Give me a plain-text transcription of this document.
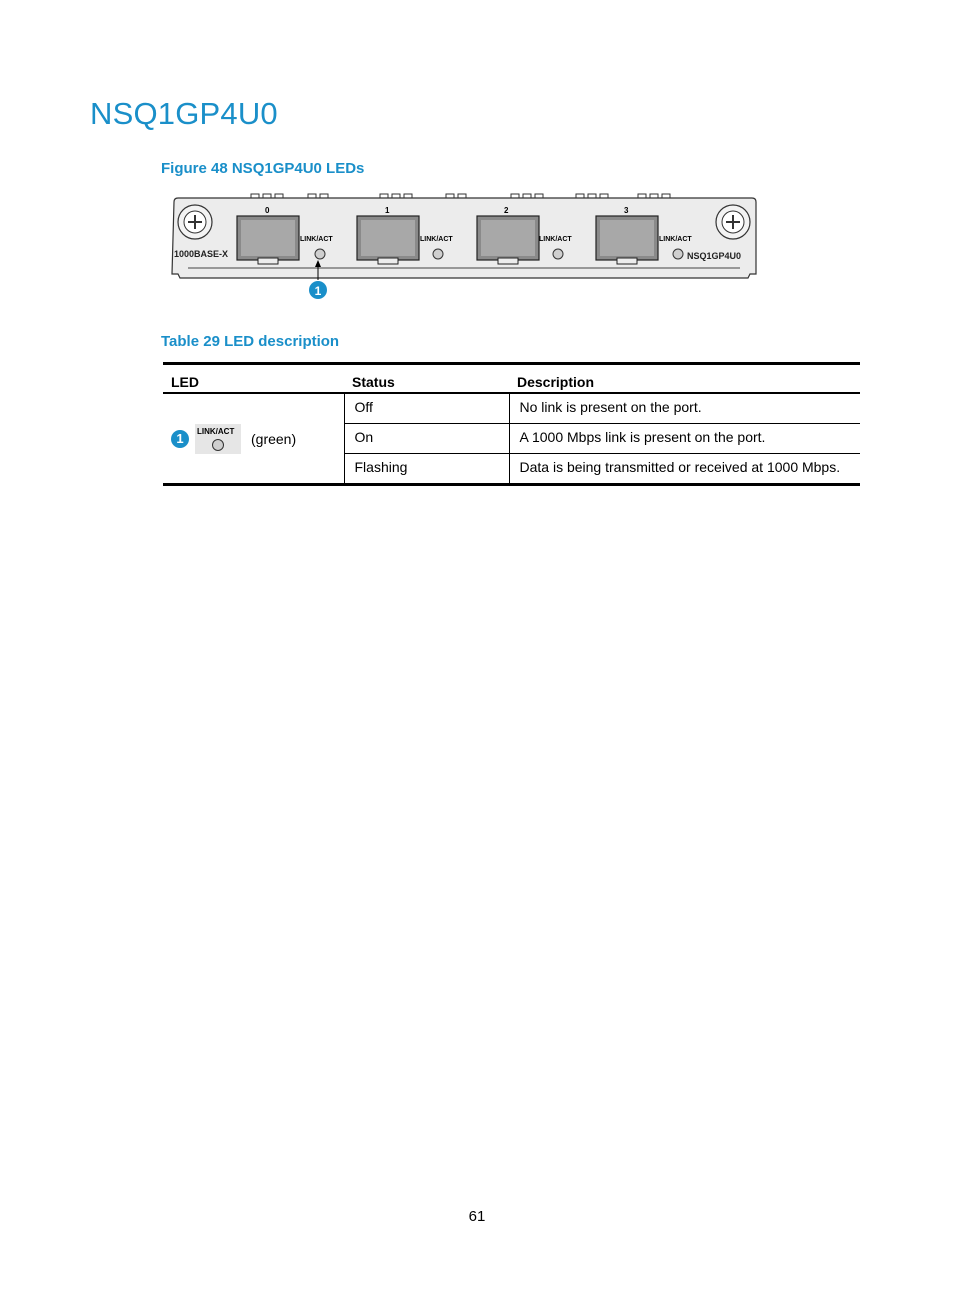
NSQ1GP4U0

Figure 48 NSQ1GP4U0 LEDs

1000BASE-X	NSQ1GP4U0
0
LINK/ACT
1
LINK/ACT
2
LINK/ACT
3
LINK/ACT
1

Table 29 LED description

LED	Status	Description

1 LINK/ACT (green)	Off	No link is present on the port.
	On	A 1000 Mbps link is present on the port.
	Flashing	Data is being transmitted or received at 1000 Mbps.
61
